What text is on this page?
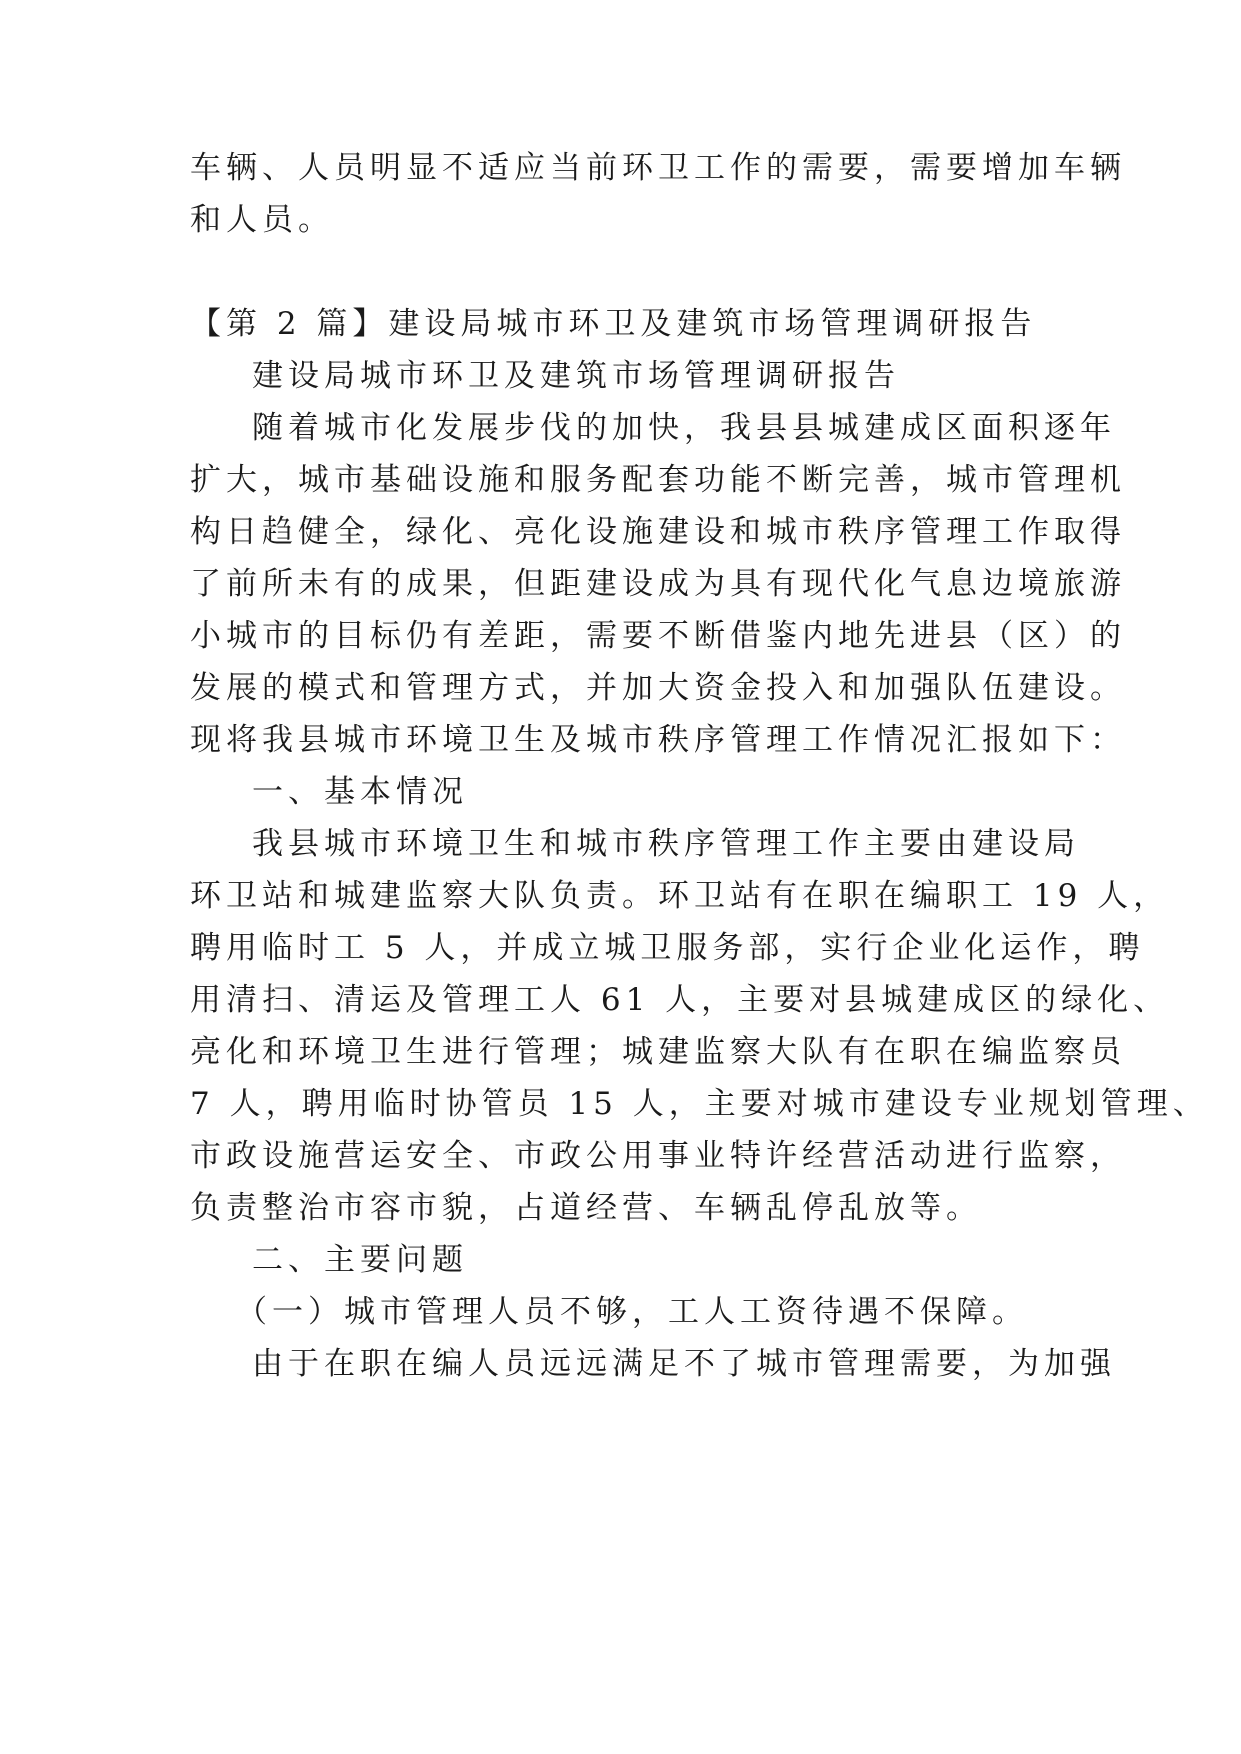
车辆、人员明显不适应当前环卫工作的需要，需要增加车辆
和人员。
【第 2 篇】建设局城市环卫及建筑市场管理调研报告
建设局城市环卫及建筑市场管理调研报告
随着城市化发展步伐的加快，我县县城建成区面积逐年
扩大，城市基础设施和服务配套功能不断完善，城市管理机
构日趋健全，绿化、亮化设施建设和城市秩序管理工作取得
了前所未有的成果，但距建设成为具有现代化气息边境旅游
小城市的目标仍有差距，需要不断借鉴内地先进县（区）的
发展的模式和管理方式，并加大资金投入和加强队伍建设。
现将我县城市环境卫生及城市秩序管理工作情况汇报如下：
一、基本情况
我县城市环境卫生和城市秩序管理工作主要由建设局
环卫站和城建监察大队负责。环卫站有在职在编职工 19 人，
聘用临时工 5 人，并成立城卫服务部，实行企业化运作，聘
用清扫、清运及管理工人 61 人，主要对县城建成区的绿化、
亮化和环境卫生进行管理；城建监察大队有在职在编监察员
7 人，聘用临时协管员 15 人，主要对城市建设专业规划管理、
市政设施营运安全、市政公用事业特许经营活动进行监察，
负责整治市容市貌，占道经营、车辆乱停乱放等。
二、主要问题
（一）城市管理人员不够，工人工资待遇不保障。
由于在职在编人员远远满足不了城市管理需要，为加强
